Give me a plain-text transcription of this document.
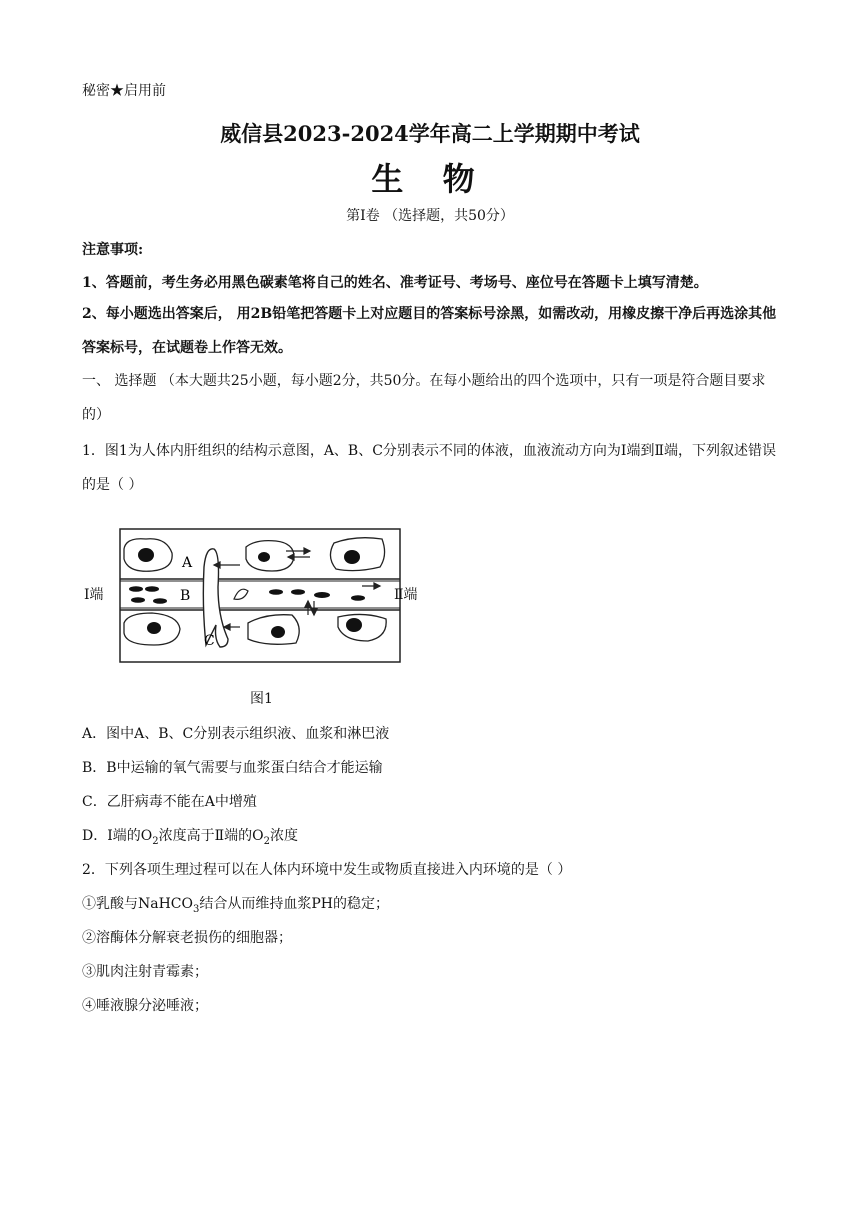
秘密★启用前
威信县2023-2024学年高二上学期期中考试
生 物
第Ⅰ卷 （选择题，共50分）
注意事项:
1、答题前，考生务必用黑色碳素笔将自己的姓名、准考证号、考场号、座位号在答题卡上填写清楚。
2、每小题选出答案后， 用2B铅笔把答题卡上对应题目的答案标号涂黑，如需改动，用橡皮擦干净后再选涂其他答案标号，在试题卷上作答无效。
一、 选择题 （本大题共25小题，每小题2分，共50分。在每小题给出的四个选项中，只有一项是符合题目要求的）
1．图1为人体内肝组织的结构示意图，A、B、C分别表示不同的体液，血液流动方向为Ⅰ端到Ⅱ端，下列叙述错误的是（ ）
A
B
C
Ⅰ端	Ⅱ端
图1
A．图中A、B、C分别表示组织液、血浆和淋巴液
B．B中运输的氧气需要与血浆蛋白结合才能运输
C．乙肝病毒不能在A中增殖
D．Ⅰ端的$O_2$浓度高于Ⅱ端的$O_2$浓度
2．下列各项生理过程可以在人体内环境中发生或物质直接进入内环境的是（ ）
①乳酸与NaHCO$_3$结合从而维持血浆PH的稳定；
②溶酶体分解衰老损伤的细胞器；
③肌肉注射青霉素；
④唾液腺分泌唾液；
